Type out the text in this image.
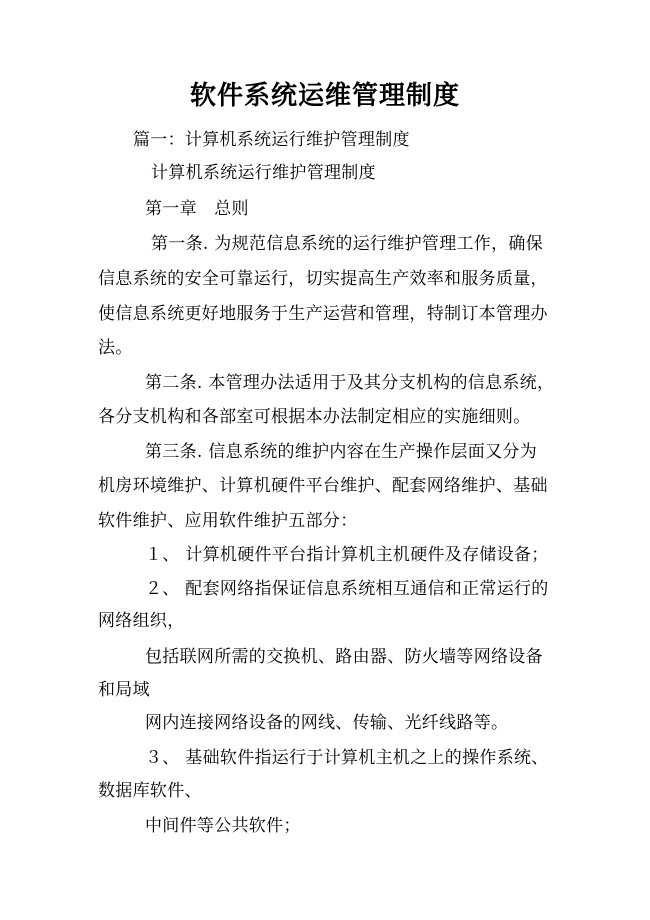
软件系统运维管理制度
篇一：计算机系统运行维护管理制度
计算机系统运行维护管理制度
第一章　总则
第一条. 为规范信息系统的运行维护管理工作，确保
信息系统的安全可靠运行，切实提高生产效率和服务质量，
使信息系统更好地服务于生产运营和管理，特制订本管理办
法。
第二条. 本管理办法适用于及其分支机构的信息系统，
各分支机构和各部室可根据本办法制定相应的实施细则。
第三条. 信息系统的维护内容在生产操作层面又分为
机房环境维护、计算机硬件平台维护、配套网络维护、基础
软件维护、应用软件维护五部分：
１、 计算机硬件平台指计算机主机硬件及存储设备；
２、 配套网络指保证信息系统相互通信和正常运行的
网络组织，
包括联网所需的交换机、路由器、防火墙等网络设备
和局域
网内连接网络设备的网线、传输、光纤线路等。
３、 基础软件指运行于计算机主机之上的操作系统、
数据库软件、
中间件等公共软件；
